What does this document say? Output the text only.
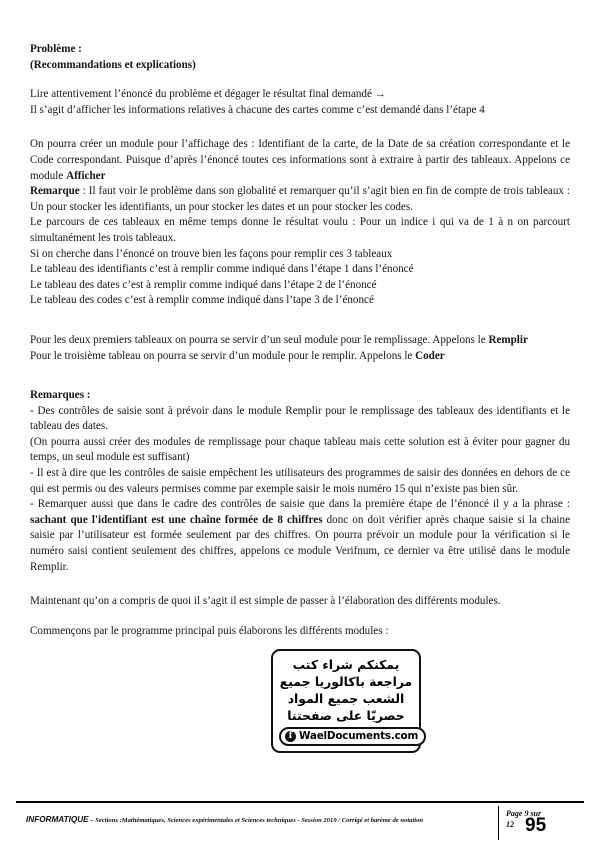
Problème :

(Recommandations et explications)

Lire attentivement l’énoncé du problème et dégager le résultat final demandé →

Il s’agit d’afficher les informations relatives à chacune des cartes comme c’est demandé dans l’étape 4

On pourra créer un module pour l’affichage des : Identifiant de la carte, de la Date de sa création correspondante et le Code correspondant. Puisque d’après l’énoncé toutes ces informations sont à extraire à partir des tableaux. Appelons ce module Afficher

Remarque : Il faut voir le problème dans son globalité et remarquer qu’il s’agit bien en fin de compte de trois tableaux : Un pour stocker les identifiants, un pour stocker les dates et un pour stocker les codes.

Le parcours de ces tableaux en même temps donne le résultat voulu : Pour un indice i qui va de 1 à n on parcourt simultanément les trois tableaux.

Si on cherche dans l’énoncé on trouve bien les façons pour remplir ces 3 tableaux

Le tableau des identifiants c’est à remplir comme indiqué dans l’étape 1 dans l’énoncé

Le tableau des dates c’est à remplir comme indiqué dans l’étape 2 de l’énoncé

Le tableau des codes c’est à remplir comme indiqué dans l’tape 3 de l’énoncé

Pour les deux premiers tableaux on pourra se servir d’un seul module pour le remplissage. Appelons le Remplir

Pour le troisième tableau on pourra se servir d’un module pour le remplir. Appelons le Coder

Remarques :

- Des contrôles de saisie sont à prévoir dans le module Remplir pour le remplissage des tableaux des identifiants et le tableau des dates.

(On pourra aussi créer des modules de remplissage pour chaque tableau mais cette solution est à éviter pour gagner du temps, un seul module est suffisant)

- Il est à dire que les contrôles de saisie empêchent les utilisateurs des programmes de saisir des données en dehors de ce qui est permis ou des valeurs permises comme par exemple saisir le mois numéro 15 qui n’existe pas bien sûr.

- Remarquer aussi que dans le cadre des contrôles de saisie que dans la première étape de l’énoncé il y a la phrase : sachant que l'identifiant est une chaîne formée de 8 chiffres donc on doit vérifier après chaque saisie si la chaine saisie par l’utilisateur est formée seulement par des chiffres. On pourra prévoir un module pour la vérification si le numéro saisi contient seulement des chiffres, appelons ce module Verifnum, ce dernier va être utilisé dans le module Remplir.

Maintenant qu’on a compris de quoi il s’agit il est simple de passer à l’élaboration des différents modules.

Commençons par le programme principal puis élaborons les différents modules :

يمكنكم شراء كتب
مراجعة باكالوريا جميع
الشعب جميع المواد
حصريّا على صفحتنا
f WaelDocuments.com
INFORMATIQUE – Sections :Mathématiques, Sciences expérimentales et Sciences techniques - Session 2019 / Corrigé et barème de notation
Page 9 sur
12 95
